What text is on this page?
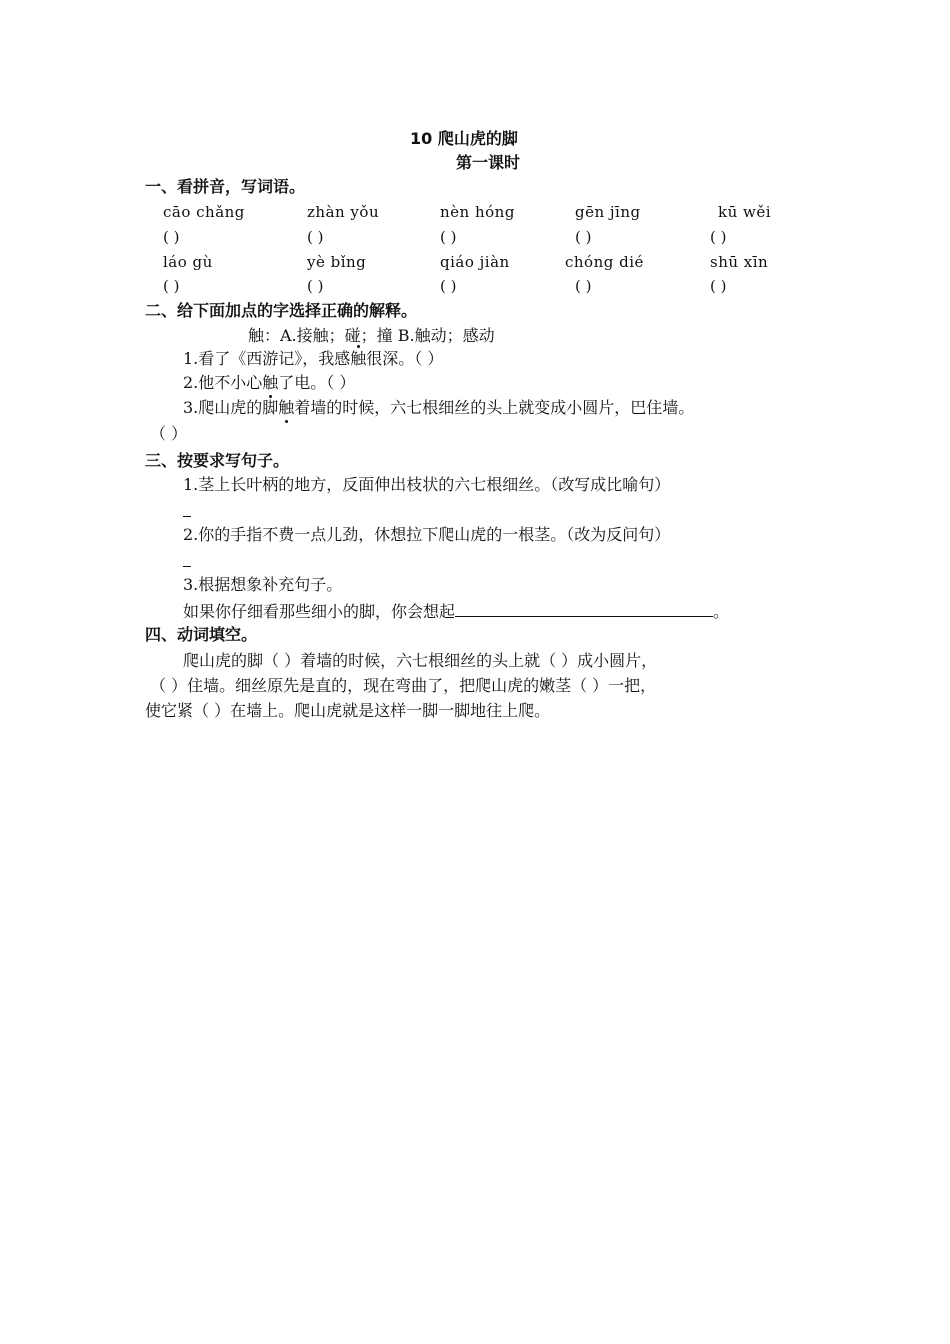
10 爬山虎的脚
第一课时
一、看拼音，写词语。
cāo chǎng	zhàn yǒu	nèn hóng	gēn jīng	kū wěi
( )	( )	( )	( )	( )
láo gù	yè bǐng	qiáo jiàn	chóng dié	shū xīn
( )	( )	( )	( )	( )
二、给下面加点的字选择正确的解释。
触：A.接触；碰；撞 B.触动；感动
1.看了《西游记》，我感触很深。（ ）
2.他不小心触了电。（ ）
3.爬山虎的脚触着墙的时候，六七根细丝的头上就变成小圆片，巴住墙。
（ ）
三、按要求写句子。
1.茎上长叶柄的地方，反面伸出枝状的六七根细丝。（改写成比喻句）
2.你的手指不费一点儿劲，休想拉下爬山虎的一根茎。（改为反问句）
3.根据想象补充句子。
如果你仔细看那些细小的脚，你会想起	。
四、动词填空。
爬山虎的脚（ ）着墙的时候，六七根细丝的头上就（ ）成小圆片，
（ ）住墙。细丝原先是直的，现在弯曲了，把爬山虎的嫩茎（ ）一把，
使它紧（ ）在墙上。爬山虎就是这样一脚一脚地往上爬。
